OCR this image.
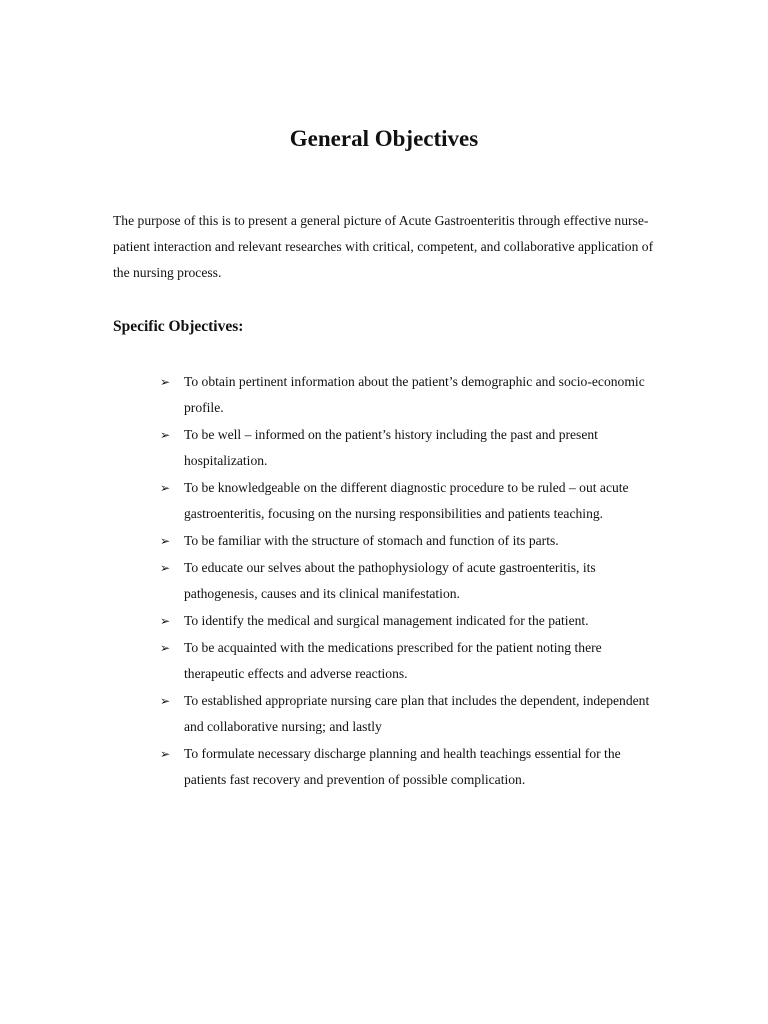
General Objectives

The purpose of this is to present a general picture of Acute Gastroenteritis through effective nurse-patient interaction and relevant researches with critical, competent, and collaborative application of the nursing process.

Specific Objectives:
➢ To obtain pertinent information about the patient’s demographic and socio-economic profile.
➢ To be well – informed on the patient’s history including the past and present hospitalization.
➢ To be knowledgeable on the different diagnostic procedure to be ruled – out acute gastroenteritis, focusing on the nursing responsibilities and patients teaching.
➢ To be familiar with the structure of stomach and function of its parts.
➢ To educate our selves about the pathophysiology of acute gastroenteritis, its pathogenesis, causes and its clinical manifestation.
➢ To identify the medical and surgical management indicated for the patient.
➢ To be acquainted with the medications prescribed for the patient noting there therapeutic effects and adverse reactions.
➢ To established appropriate nursing care plan that includes the dependent, independent and collaborative nursing; and lastly
➢ To formulate necessary discharge planning and health teachings essential for the patients fast recovery and prevention of possible complication.
